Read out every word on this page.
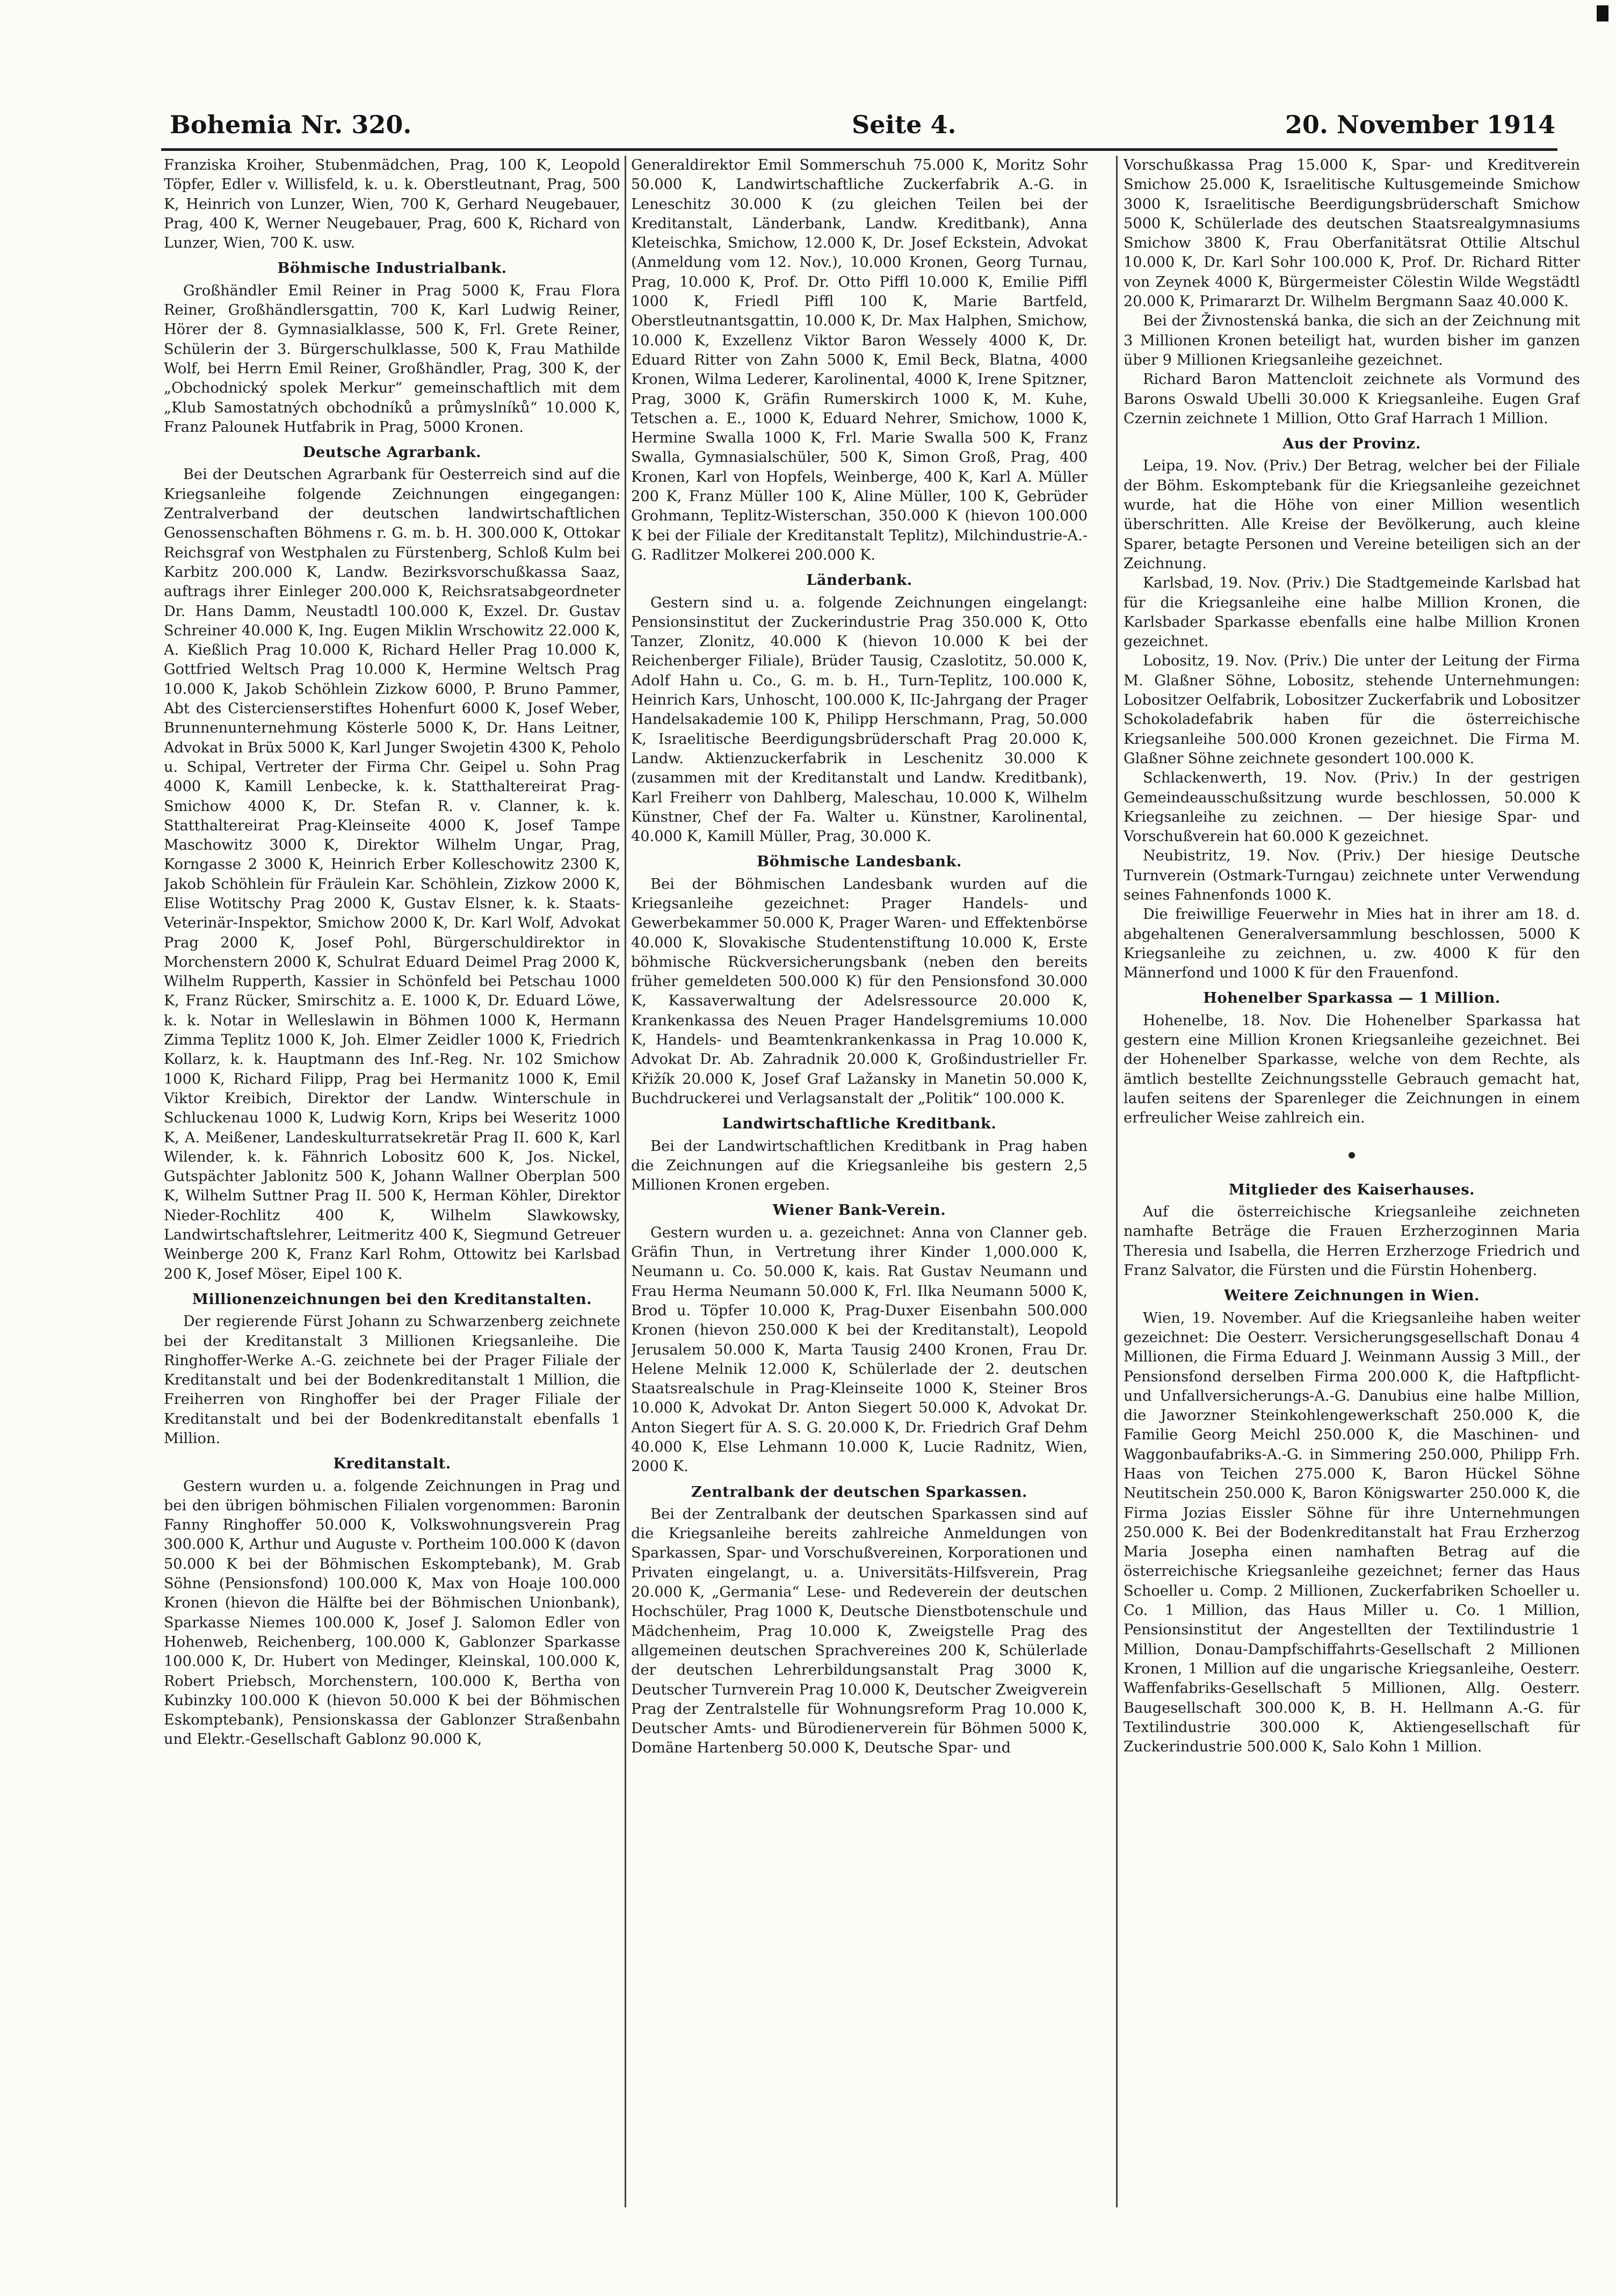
Bohemia Nr. 320.	Seite 4.	20. November 1914

Franziska Kroiher, Stubenmädchen, Prag, 100 K, Leopold Töpfer, Edler v. Willisfeld, k. u. k. Oberstleutnant, Prag, 500 K, Heinrich von Lunzer, Wien, 700 K, Gerhard Neugebauer, Prag, 400 K, Werner Neugebauer, Prag, 600 K, Richard von Lunzer, Wien, 700 K. usw.

Böhmische Industrialbank.

Großhändler Emil Reiner in Prag 5000 K, Frau Flora Reiner, Großhändlersgattin, 700 K, Karl Ludwig Reiner, Hörer der 8. Gymnasialklasse, 500 K, Frl. Grete Reiner, Schülerin der 3. Bürgerschulklasse, 500 K, Frau Mathilde Wolf, bei Herrn Emil Reiner, Großhändler, Prag, 300 K, der „Obchodnický spolek Merkur“ gemeinschaftlich mit dem „Klub Samostatných obchodníků a průmyslníků“ 10.000 K, Franz Palounek Hutfabrik in Prag, 5000 Kronen.

Deutsche Agrarbank.

Bei der Deutschen Agrarbank für Oesterreich sind auf die Kriegsanleihe folgende Zeichnungen eingegangen: Zentralverband der deutschen landwirtschaftlichen Genossenschaften Böhmens r. G. m. b. H. 300.000 K, Ottokar Reichsgraf von Westphalen zu Fürstenberg, Schloß Kulm bei Karbitz 200.000 K, Landw. Bezirksvorschußkassa Saaz, auftrags ihrer Einleger 200.000 K, Reichsratsabgeordneter Dr. Hans Damm, Neustadtl 100.000 K, Exzel. Dr. Gustav Schreiner 40.000 K, Ing. Eugen Miklin Wrschowitz 22.000 K, A. Kießlich Prag 10.000 K, Richard Heller Prag 10.000 K, Gottfried Weltsch Prag 10.000 K, Hermine Weltsch Prag 10.000 K, Jakob Schöhlein Zizkow 6000, P. Bruno Pammer, Abt des Cistercienserstiftes Hohenfurt 6000 K, Josef Weber, Brunnenunternehmung Kösterle 5000 K, Dr. Hans Leitner, Advokat in Brüx 5000 K, Karl Junger Swojetin 4300 K, Peholo u. Schipal, Vertreter der Firma Chr. Geipel u. Sohn Prag 4000 K, Kamill Lenbecke, k. k. Statthaltereirat Prag-Smichow 4000 K, Dr. Stefan R. v. Clanner, k. k. Statthaltereirat Prag-Kleinseite 4000 K, Josef Tampe Maschowitz 3000 K, Direktor Wilhelm Ungar, Prag, Korngasse 2 3000 K, Heinrich Erber Kolleschowitz 2300 K, Jakob Schöhlein für Fräulein Kar. Schöhlein, Zizkow 2000 K, Elise Wotitschy Prag 2000 K, Gustav Elsner, k. k. Staats-Veterinär-Inspektor, Smichow 2000 K, Dr. Karl Wolf, Advokat Prag 2000 K, Josef Pohl, Bürgerschuldirektor in Morchenstern 2000 K, Schulrat Eduard Deimel Prag 2000 K, Wilhelm Rupperth, Kassier in Schönfeld bei Petschau 1000 K, Franz Rücker, Smirschitz a. E. 1000 K, Dr. Eduard Löwe, k. k. Notar in Welleslawin in Böhmen 1000 K, Hermann Zimma Teplitz 1000 K, Joh. Elmer Zeidler 1000 K, Friedrich Kollarz, k. k. Hauptmann des Inf.-Reg. Nr. 102 Smichow 1000 K, Richard Filipp, Prag bei Hermanitz 1000 K, Emil Viktor Kreibich, Direktor der Landw. Winterschule in Schluckenau 1000 K, Ludwig Korn, Krips bei Weseritz 1000 K, A. Meißener, Landeskulturratsekretär Prag II. 600 K, Karl Wilender, k. k. Fähnrich Lobositz 600 K, Jos. Nickel, Gutspächter Jablonitz 500 K, Johann Wallner Oberplan 500 K, Wilhelm Suttner Prag II. 500 K, Herman Köhler, Direktor Nieder-Rochlitz 400 K, Wilhelm Slawkowsky, Landwirtschaftslehrer, Leitmeritz 400 K, Siegmund Getreuer Weinberge 200 K, Franz Karl Rohm, Ottowitz bei Karlsbad 200 K, Josef Möser, Eipel 100 K.

Millionenzeichnungen bei den Kreditanstalten.

Der regierende Fürst Johann zu Schwarzenberg zeichnete bei der Kreditanstalt 3 Millionen Kriegsanleihe. Die Ringhoffer-Werke A.-G. zeichnete bei der Prager Filiale der Kreditanstalt und bei der Bodenkreditanstalt 1 Million, die Freiherren von Ringhoffer bei der Prager Filiale der Kreditanstalt und bei der Bodenkreditanstalt ebenfalls 1 Million.

Kreditanstalt.

Gestern wurden u. a. folgende Zeichnungen in Prag und bei den übrigen böhmischen Filialen vorgenommen: Baronin Fanny Ringhoffer 50.000 K, Volkswohnungsverein Prag 300.000 K, Arthur und Auguste v. Portheim 100.000 K (davon 50.000 K bei der Böhmischen Eskomptebank), M. Grab Söhne (Pensionsfond) 100.000 K, Max von Hoaje 100.000 Kronen (hievon die Hälfte bei der Böhmischen Unionbank), Sparkasse Niemes 100.000 K, Josef J. Salomon Edler von Hohenweb, Reichenberg, 100.000 K, Gablonzer Sparkasse 100.000 K, Dr. Hubert von Medinger, Kleinskal, 100.000 K, Robert Priebsch, Morchenstern, 100.000 K, Bertha von Kubinzky 100.000 K (hievon 50.000 K bei der Böhmischen Eskomptebank), Pensionskassa der Gablonzer Straßenbahn und Elektr.-Gesellschaft Gablonz 90.000 K,

Generaldirektor Emil Sommerschuh 75.000 K, Moritz Sohr 50.000 K, Landwirtschaftliche Zuckerfabrik A.-G. in Leneschitz 30.000 K (zu gleichen Teilen bei der Kreditanstalt, Länderbank, Landw. Kreditbank), Anna Kleteischka, Smichow, 12.000 K, Dr. Josef Eckstein, Advokat (Anmeldung vom 12. Nov.), 10.000 Kronen, Georg Turnau, Prag, 10.000 K, Prof. Dr. Otto Piffl 10.000 K, Emilie Piffl 1000 K, Friedl Piffl 100 K, Marie Bartfeld, Oberstleutnantsgattin, 10.000 K, Dr. Max Halphen, Smichow, 10.000 K, Exzellenz Viktor Baron Wessely 4000 K, Dr. Eduard Ritter von Zahn 5000 K, Emil Beck, Blatna, 4000 Kronen, Wilma Lederer, Karolinental, 4000 K, Irene Spitzner, Prag, 3000 K, Gräfin Rumerskirch 1000 K, M. Kuhe, Tetschen a. E., 1000 K, Eduard Nehrer, Smichow, 1000 K, Hermine Swalla 1000 K, Frl. Marie Swalla 500 K, Franz Swalla, Gymnasialschüler, 500 K, Simon Groß, Prag, 400 Kronen, Karl von Hopfels, Weinberge, 400 K, Karl A. Müller 200 K, Franz Müller 100 K, Aline Müller, 100 K, Gebrüder Grohmann, Teplitz-Wisterschan, 350.000 K (hievon 100.000 K bei der Filiale der Kreditanstalt Teplitz), Milchindustrie-A.-G. Radlitzer Molkerei 200.000 K.

Länderbank.

Gestern sind u. a. folgende Zeichnungen eingelangt: Pensionsinstitut der Zuckerindustrie Prag 350.000 K, Otto Tanzer, Zlonitz, 40.000 K (hievon 10.000 K bei der Reichenberger Filiale), Brüder Tausig, Czaslotitz, 50.000 K, Adolf Hahn u. Co., G. m. b. H., Turn-Teplitz, 100.000 K, Heinrich Kars, Unhoscht, 100.000 K, IIc-Jahrgang der Prager Handelsakademie 100 K, Philipp Herschmann, Prag, 50.000 K, Israelitische Beerdigungsbrüderschaft Prag 20.000 K, Landw. Aktienzuckerfabrik in Leschenitz 30.000 K (zusammen mit der Kreditanstalt und Landw. Kreditbank), Karl Freiherr von Dahlberg, Maleschau, 10.000 K, Wilhelm Künstner, Chef der Fa. Walter u. Künstner, Karolinental, 40.000 K, Kamill Müller, Prag, 30.000 K.

Böhmische Landesbank.

Bei der Böhmischen Landesbank wurden auf die Kriegsanleihe gezeichnet: Prager Handels- und Gewerbekammer 50.000 K, Prager Waren- und Effektenbörse 40.000 K, Slovakische Studentenstiftung 10.000 K, Erste böhmische Rückversicherungsbank (neben den bereits früher gemeldeten 500.000 K) für den Pensionsfond 30.000 K, Kassaverwaltung der Adelsressource 20.000 K, Krankenkassa des Neuen Prager Handelsgremiums 10.000 K, Handels- und Beamtenkrankenkassa in Prag 10.000 K, Advokat Dr. Ab. Zahradnik 20.000 K, Großindustrieller Fr. Křižík 20.000 K, Josef Graf Lažansky in Manetin 50.000 K, Buchdruckerei und Verlagsanstalt der „Politik“ 100.000 K.

Landwirtschaftliche Kreditbank.

Bei der Landwirtschaftlichen Kreditbank in Prag haben die Zeichnungen auf die Kriegsanleihe bis gestern 2,5 Millionen Kronen ergeben.

Wiener Bank-Verein.

Gestern wurden u. a. gezeichnet: Anna von Clanner geb. Gräfin Thun, in Vertretung ihrer Kinder 1,000.000 K, Neumann u. Co. 50.000 K, kais. Rat Gustav Neumann und Frau Herma Neumann 50.000 K, Frl. Ilka Neumann 5000 K, Brod u. Töpfer 10.000 K, Prag-Duxer Eisenbahn 500.000 Kronen (hievon 250.000 K bei der Kreditanstalt), Leopold Jerusalem 50.000 K, Marta Tausig 2400 Kronen, Frau Dr. Helene Melnik 12.000 K, Schülerlade der 2. deutschen Staatsrealschule in Prag-Kleinseite 1000 K, Steiner Bros 10.000 K, Advokat Dr. Anton Siegert 50.000 K, Advokat Dr. Anton Siegert für A. S. G. 20.000 K, Dr. Friedrich Graf Dehm 40.000 K, Else Lehmann 10.000 K, Lucie Radnitz, Wien, 2000 K.

Zentralbank der deutschen Sparkassen.

Bei der Zentralbank der deutschen Sparkassen sind auf die Kriegsanleihe bereits zahlreiche Anmeldungen von Sparkassen, Spar- und Vorschußvereinen, Korporationen und Privaten eingelangt, u. a. Universitäts-Hilfsverein, Prag 20.000 K, „Germania“ Lese- und Redeverein der deutschen Hochschüler, Prag 1000 K, Deutsche Dienstbotenschule und Mädchenheim, Prag 10.000 K, Zweigstelle Prag des allgemeinen deutschen Sprachvereines 200 K, Schülerlade der deutschen Lehrerbildungsanstalt Prag 3000 K, Deutscher Turnverein Prag 10.000 K, Deutscher Zweigverein Prag der Zentralstelle für Wohnungsreform Prag 10.000 K, Deutscher Amts- und Bürodienerverein für Böhmen 5000 K, Domäne Hartenberg 50.000 K, Deutsche Spar- und

Vorschußkassa Prag 15.000 K, Spar- und Kreditverein Smichow 25.000 K, Israelitische Kultusgemeinde Smichow 3000 K, Israelitische Beerdigungsbrüderschaft Smichow 5000 K, Schülerlade des deutschen Staatsrealgymnasiums Smichow 3800 K, Frau Oberfanitätsrat Ottilie Altschul 10.000 K, Dr. Karl Sohr 100.000 K, Prof. Dr. Richard Ritter von Zeynek 4000 K, Bürgermeister Cölestin Wilde Wegstädtl 20.000 K, Primararzt Dr. Wilhelm Bergmann Saaz 40.000 K.

Bei der Živnostenská banka, die sich an der Zeichnung mit 3 Millionen Kronen beteiligt hat, wurden bisher im ganzen über 9 Millionen Kriegsanleihe gezeichnet.

Richard Baron Mattencloit zeichnete als Vormund des Barons Oswald Ubelli 30.000 K Kriegsanleihe. Eugen Graf Czernin zeichnete 1 Million, Otto Graf Harrach 1 Million.

Aus der Provinz.

Leipa, 19. Nov. (Priv.) Der Betrag, welcher bei der Filiale der Böhm. Eskomptebank für die Kriegsanleihe gezeichnet wurde, hat die Höhe von einer Million wesentlich überschritten. Alle Kreise der Bevölkerung, auch kleine Sparer, betagte Personen und Vereine beteiligen sich an der Zeichnung.

Karlsbad, 19. Nov. (Priv.) Die Stadtgemeinde Karlsbad hat für die Kriegsanleihe eine halbe Million Kronen, die Karlsbader Sparkasse ebenfalls eine halbe Million Kronen gezeichnet.

Lobositz, 19. Nov. (Priv.) Die unter der Leitung der Firma M. Glaßner Söhne, Lobositz, stehende Unternehmungen: Lobositzer Oelfabrik, Lobositzer Zuckerfabrik und Lobositzer Schokoladefabrik haben für die österreichische Kriegsanleihe 500.000 Kronen gezeichnet. Die Firma M. Glaßner Söhne zeichnete gesondert 100.000 K.

Schlackenwerth, 19. Nov. (Priv.) In der gestrigen Gemeindeausschußsitzung wurde beschlossen, 50.000 K Kriegsanleihe zu zeichnen. — Der hiesige Spar- und Vorschußverein hat 60.000 K gezeichnet.

Neubistritz, 19. Nov. (Priv.) Der hiesige Deutsche Turnverein (Ostmark-Turngau) zeichnete unter Verwendung seines Fahnenfonds 1000 K.

Die freiwillige Feuerwehr in Mies hat in ihrer am 18. d. abgehaltenen Generalversammlung beschlossen, 5000 K Kriegsanleihe zu zeichnen, u. zw. 4000 K für den Männerfond und 1000 K für den Frauenfond.

Hohenelber Sparkassa — 1 Million.

Hohenelbe, 18. Nov. Die Hohenelber Sparkassa hat gestern eine Million Kronen Kriegsanleihe gezeichnet. Bei der Hohenelber Sparkasse, welche von dem Rechte, als ämtlich bestellte Zeichnungsstelle Gebrauch gemacht hat, laufen seitens der Sparenleger die Zeichnungen in einem erfreulicher Weise zahlreich ein.

Mitglieder des Kaiserhauses.

Auf die österreichische Kriegsanleihe zeichneten namhafte Beträge die Frauen Erzherzoginnen Maria Theresia und Isabella, die Herren Erzherzoge Friedrich und Franz Salvator, die Fürsten und die Fürstin Hohenberg.

Weitere Zeichnungen in Wien.

Wien, 19. November. Auf die Kriegsanleihe haben weiter gezeichnet: Die Oesterr. Versicherungsgesellschaft Donau 4 Millionen, die Firma Eduard J. Weinmann Aussig 3 Mill., der Pensionsfond derselben Firma 200.000 K, die Haftpflicht- und Unfallversicherungs-A.-G. Danubius eine halbe Million, die Jaworzner Steinkohlengewerkschaft 250.000 K, die Familie Georg Meichl 250.000 K, die Maschinen- und Waggonbaufabriks-A.-G. in Simmering 250.000, Philipp Frh. Haas von Teichen 275.000 K, Baron Hückel Söhne Neutitschein 250.000 K, Baron Königswarter 250.000 K, die Firma Jozias Eissler Söhne für ihre Unternehmungen 250.000 K. Bei der Bodenkreditanstalt hat Frau Erzherzog Maria Josepha einen namhaften Betrag auf die österreichische Kriegsanleihe gezeichnet; ferner das Haus Schoeller u. Comp. 2 Millionen, Zuckerfabriken Schoeller u. Co. 1 Million, das Haus Miller u. Co. 1 Million, Pensionsinstitut der Angestellten der Textilindustrie 1 Million, Donau-Dampfschiffahrts-Gesellschaft 2 Millionen Kronen, 1 Million auf die ungarische Kriegsanleihe, Oesterr. Waffenfabriks-Gesellschaft 5 Millionen, Allg. Oesterr. Baugesellschaft 300.000 K, B. H. Hellmann A.-G. für Textilindustrie 300.000 K, Aktiengesellschaft für Zuckerindustrie 500.000 K, Salo Kohn 1 Million.
